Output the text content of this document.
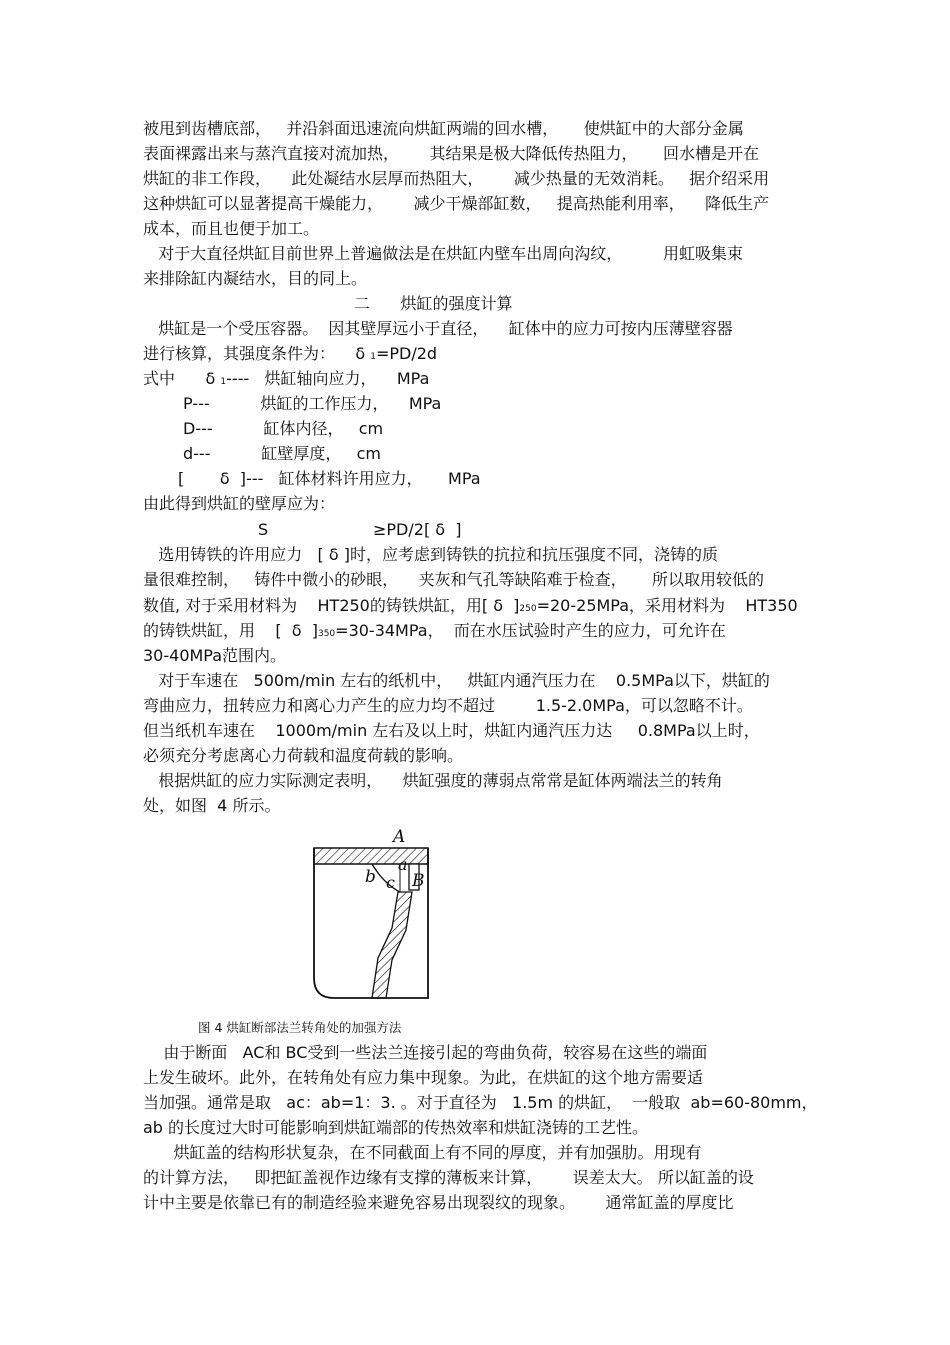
被甩到齿槽底部，   并沿斜面迅速流向烘缸两端的回水槽，     使烘缸中的大部分金属
表面裸露出来与蒸汽直接对流加热，      其结果是极大降低传热阻力，     回水槽是开在
烘缸的非工作段，    此处凝结水层厚而热阻大，      减少热量的无效消耗。   据介绍采用
这种烘缸可以显著提高干燥能力，      减少干燥部缸数，   提高热能利用率，    降低生产
成本，而且也便于加工。
对于大直径烘缸目前世界上普遍做法是在烘缸内壁车出周向沟纹，        用虹吸集束
来排除缸内凝结水，目的同上。
二      烘缸的强度计算
烘缸是一个受压容器。  因其壁厚远小于直径，    缸体中的应力可按内压薄壁容器
进行核算，其强度条件为：    δ 1=PD/2d
式中      δ 1----   烘缸轴向应力，    MPa
P---          烘缸的工作压力，    MPa
D---          缸体内径，   cm
d---          缸壁厚度，   cm
[       δ  ]---   缸体材料许用应力，     MPa
由此得到烘缸的壁厚应为：
S	≥PD/2[ δ  ]
选用铸铁的许用应力   [ δ ]时，应考虑到铸铁的抗拉和抗压强度不同，浇铸的质
量很难控制，   铸件中微小的砂眼，    夹灰和气孔等缺陷难于检查，     所以取用较低的
数值, 对于采用材料为    HT250的铸铁烘缸，用[ δ  ]250=20-25MPa，采用材料为    HT350
的铸铁烘缸，用    [  δ  ]350=30-34MPa，  而在水压试验时产生的应力，可允许在
30-40MPa范围内。
对于车速在   500m/min 左右的纸机中，   烘缸内通汽压力在    0.5MPa以下，烘缸的
弯曲应力，扭转应力和离心力产生的应力均不超过        1.5-2.0MPa，可以忽略不计。
但当纸机车速在    1000m/min 左右及以上时，烘缸内通汽压力达     0.8MPa以上时，
必须充分考虑离心力荷载和温度荷载的影响。
根据烘缸的应力实际测定表明，    烘缸强度的薄弱点常常是缸体两端法兰的转角
处，如图  4 所示。
A
a
b c B
图 4 烘缸断部法兰转角处的加强方法
由于断面   AC和 BC受到一些法兰连接引起的弯曲负荷，较容易在这些的端面
上发生破坏。此外，在转角处有应力集中现象。为此，在烘缸的这个地方需要适
当加强。通常是取   ac：ab=1：3. 。对于直径为   1.5m 的烘缸，  一般取  ab=60-80mm，
ab 的长度过大时可能影响到烘缸端部的传热效率和烘缸浇铸的工艺性。
烘缸盖的结构形状复杂，在不同截面上有不同的厚度，并有加强肋。用现有
的计算方法，   即把缸盖视作边缘有支撑的薄板来计算，      误差太大。 所以缸盖的设
计中主要是依靠已有的制造经验来避免容易出现裂纹的现象。      通常缸盖的厚度比
